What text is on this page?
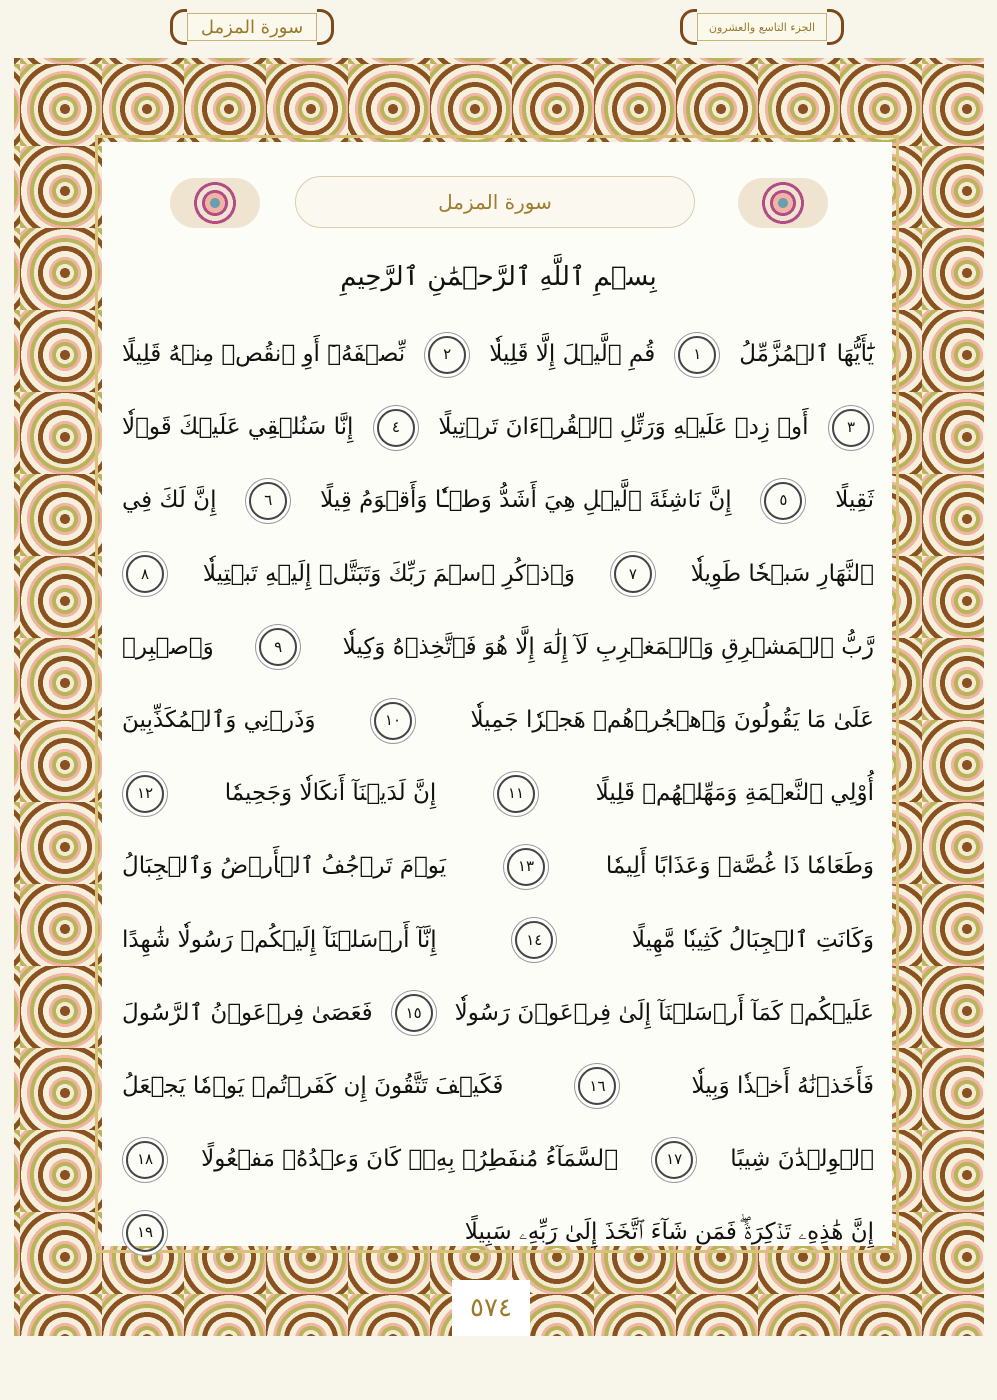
سورة المزمل	الجزء التاسع والعشرون
سورة المزمل
بِسۡمِ ٱللَّهِ ٱلرَّحۡمَٰنِ ٱلرَّحِيمِ
يَٰٓأَيُّهَا ٱلۡمُزَّمِّلُ
١
قُمِ ٱلَّيۡلَ إِلَّا قَلِيلٗا
٢
نِّصۡفَهُۥٓ أَوِ ٱنقُصۡ مِنۡهُ قَلِيلًا
٣
أَوۡ زِدۡ عَلَيۡهِ وَرَتِّلِ ٱلۡقُرۡءَانَ تَرۡتِيلًا
٤
إِنَّا سَنُلۡقِي عَلَيۡكَ قَوۡلٗا
ثَقِيلًا
٥
إِنَّ نَاشِئَةَ ٱلَّيۡلِ هِيَ أَشَدُّ وَطۡـٔٗا وَأَقۡوَمُ قِيلًا
٦
إِنَّ لَكَ فِي
ٱلنَّهَارِ سَبۡحٗا طَوِيلٗا
٧
وَٱذۡكُرِ ٱسۡمَ رَبِّكَ وَتَبَتَّلۡ إِلَيۡهِ تَبۡتِيلٗا
٨
رَّبُّ ٱلۡمَشۡرِقِ وَٱلۡمَغۡرِبِ لَآ إِلَٰهَ إِلَّا هُوَ فَٱتَّخِذۡهُ وَكِيلٗا
٩
وَٱصۡبِرۡ
عَلَىٰ مَا يَقُولُونَ وَٱهۡجُرۡهُمۡ هَجۡرٗا جَمِيلٗا
١٠
وَذَرۡنِي وَٱلۡمُكَذِّبِينَ
أُوْلِي ٱلنَّعۡمَةِ وَمَهِّلۡهُمۡ قَلِيلًا
١١
إِنَّ لَدَيۡنَآ أَنكَالٗا وَجَحِيمٗا
١٢
وَطَعَامٗا ذَا غُصَّةٖ وَعَذَابًا أَلِيمٗا
١٣
يَوۡمَ تَرۡجُفُ ٱلۡأَرۡضُ وَٱلۡجِبَالُ
وَكَانَتِ ٱلۡجِبَالُ كَثِيبٗا مَّهِيلًا
١٤
إِنَّآ أَرۡسَلۡنَآ إِلَيۡكُمۡ رَسُولٗا شَٰهِدًا
عَلَيۡكُمۡ كَمَآ أَرۡسَلۡنَآ إِلَىٰ فِرۡعَوۡنَ رَسُولٗا
١٥
فَعَصَىٰ فِرۡعَوۡنُ ٱلرَّسُولَ
فَأَخَذۡنَٰهُ أَخۡذٗا وَبِيلٗا
١٦
فَكَيۡفَ تَتَّقُونَ إِن كَفَرۡتُمۡ يَوۡمٗا يَجۡعَلُ
ٱلۡوِلۡدَٰنَ شِيبًا
١٧
ٱلسَّمَآءُ مُنفَطِرُۢ بِهِۦۚ كَانَ وَعۡدُهُۥ مَفۡعُولًا
١٨
إِنَّ هَٰذِهِۦ تَذۡكِرَةٞۖ فَمَن شَآءَ ٱتَّخَذَ إِلَىٰ رَبِّهِۦ سَبِيلًا
١٩
٥٧٤
